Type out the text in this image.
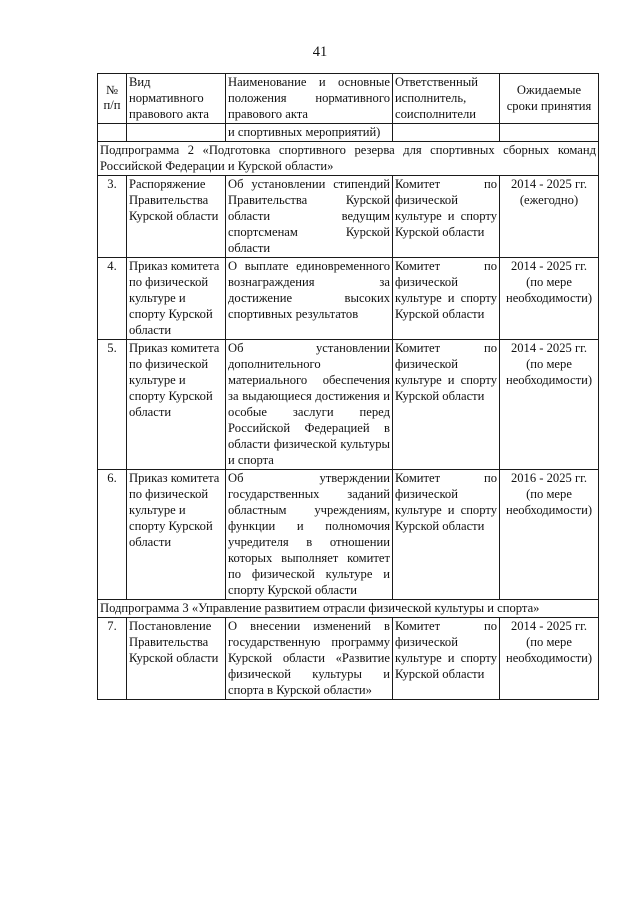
41
№ п/п	Вид нормативного правового акта	Наименование и основные положения нормативного правового акта	Ответственный исполнитель, соисполнители	Ожидаемые сроки принятия
		и спортивных мероприятий)		
Подпрограмма 2 «Подготовка спортивного резерва для спортивных сборных команд Российской Федерации и Курской области»				
3.	Распоряжение Правительства Курской области	Об установлении стипендий Правительства Курской области ведущим спортсменам Курской области	Комитет по физической культуре и спорту Курской области	2014 - 2025 гг. (ежегодно)
4.	Приказ комитета по физической культуре и спорту Курской области	О выплате единовременного вознаграждения за достижение высоких спортивных результатов	Комитет по физической культуре и спорту Курской области	2014 - 2025 гг. (по мере необходимости)
5.	Приказ комитета по физической культуре и спорту Курской области	Об установлении дополнительного материального обеспечения за выдающиеся достижения и особые заслуги перед Российской Федерацией в области физической культуры и спорта	Комитет по физической культуре и спорту Курской области	2014 - 2025 гг. (по мере необходимости)
6.	Приказ комитета по физической культуре и спорту Курской области	Об утверждении государственных заданий областным учреждениям, функции и полномочия учредителя в отношении которых выполняет комитет по физической культуре и спорту Курской области	Комитет по физической культуре и спорту Курской области	2016 - 2025 гг. (по мере необходимости)
Подпрограмма 3 «Управление развитием отрасли физической культуры и спорта»				
7.	Постановление Правительства Курской области	О внесении изменений в государственную программу Курской области «Развитие физической культуры и спорта в Курской области»	Комитет по физической культуре и спорту Курской области	2014 - 2025 гг. (по мере необходимости)
